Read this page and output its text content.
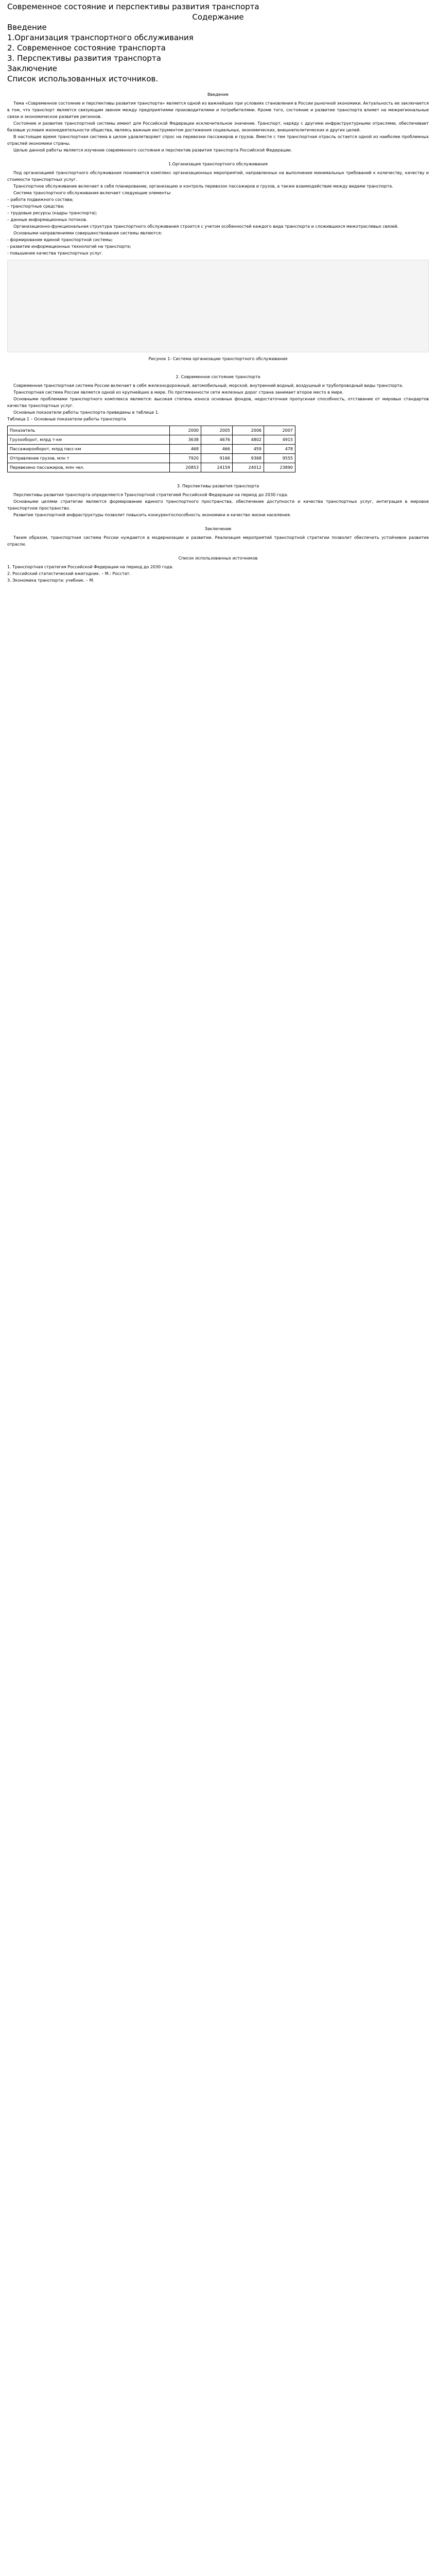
Современное состояние и перспективы развития транспорта
Содержание
Введение
1.Организация транспортного обслуживания
2. Современное состояние транспорта
3. Перспективы развития транспорта
Заключение
Список использованных источников.
Введение

Тема «Современное состояние и перспективы развития транспорта» является одной из важнейших при условиях становления в России рыночной экономики. Актуальность ее заключается в том, что транспорт является связующим звеном между предприятиями производителями и потребителями. Кроме того, состояние и развитие транспорта влияет на межрегиональные связи и экономическое развитие регионов.

Состояние и развитие транспортной системы имеют для Российской Федерации исключительное значение. Транспорт, наряду с другими инфраструктурными отраслями, обеспечивает базовые условия жизнедеятельности общества, являясь важным инструментом достижения социальных, экономических, внешнеполитических и других целей.

В настоящее время транспортная система в целом удовлетворяет спрос на перевозки пассажиров и грузов. Вместе с тем транспортная отрасль остается одной из наиболее проблемных отраслей экономики страны.

Целью данной работы является изучение современного состояния и перспектив развития транспорта Российской Федерации.

1.Организация транспортного обслуживания

Под организацией транспортного обслуживания понимается комплекс организационных мероприятий, направленных на выполнение минимальных требований к количеству, качеству и стоимости транспортных услуг.

Транспортное обслуживание включает в себя планирование, организацию и контроль перевозок пассажиров и грузов, а также взаимодействие между видами транспорта.

Система транспортного обслуживания включает следующие элементы:

– работа подвижного состава;
– транспортные средства;
– трудовые ресурсы (кадры транспорта);
– данные информационных потоков.

Организационно-функциональная структура транспортного обслуживания строится с учетом особенностей каждого вида транспорта и сложившихся межотраслевых связей.

Основными направлениями совершенствования системы являются:

- формирование единой транспортной системы;
- развитие информационных технологий на транспорте;
- повышение качества транспортных услуг.
Рисунок 1- Система организации транспортного обслуживания
2. Современное состояние транспорта

Современная транспортная система России включает в себя железнодорожный, автомобильный, морской, внутренний водный, воздушный и трубопроводный виды транспорта.

Транспортная система России является одной из крупнейших в мире. По протяженности сети железных дорог страна занимает второе место в мире.

Основными проблемами транспортного комплекса являются: высокая степень износа основных фондов, недостаточная пропускная способность, отставание от мировых стандартов качества транспортных услуг.

Основные показатели работы транспорта приведены в таблице 1.

Таблица 1 – Основные показатели работы транспорта
Показатель	2000	2005	2006	2007
Грузооборот, млрд т-км	3638	4676	4802	4915
Пассажирооборот, млрд пасс-км	468	466	459	478
Отправление грузов, млн т	7920	9166	9368	9555
Перевезено пассажиров, млн чел.	20853	24159	24012	23890
3. Перспективы развития транспорта

Перспективы развития транспорта определяются Транспортной стратегией Российской Федерации на период до 2030 года.

Основными целями стратегии являются формирование единого транспортного пространства, обеспечение доступности и качества транспортных услуг, интеграция в мировое транспортное пространство.

Развитие транспортной инфраструктуры позволит повысить конкурентоспособность экономики и качество жизни населения.

Заключение

Таким образом, транспортная система России нуждается в модернизации и развитии. Реализация мероприятий транспортной стратегии позволит обеспечить устойчивое развитие отрасли.

Список использованных источников
1. Транспортная стратегия Российской Федерации на период до 2030 года.
2. Российский статистический ежегодник. – М.: Росстат.
3. Экономика транспорта: учебник. – М.
